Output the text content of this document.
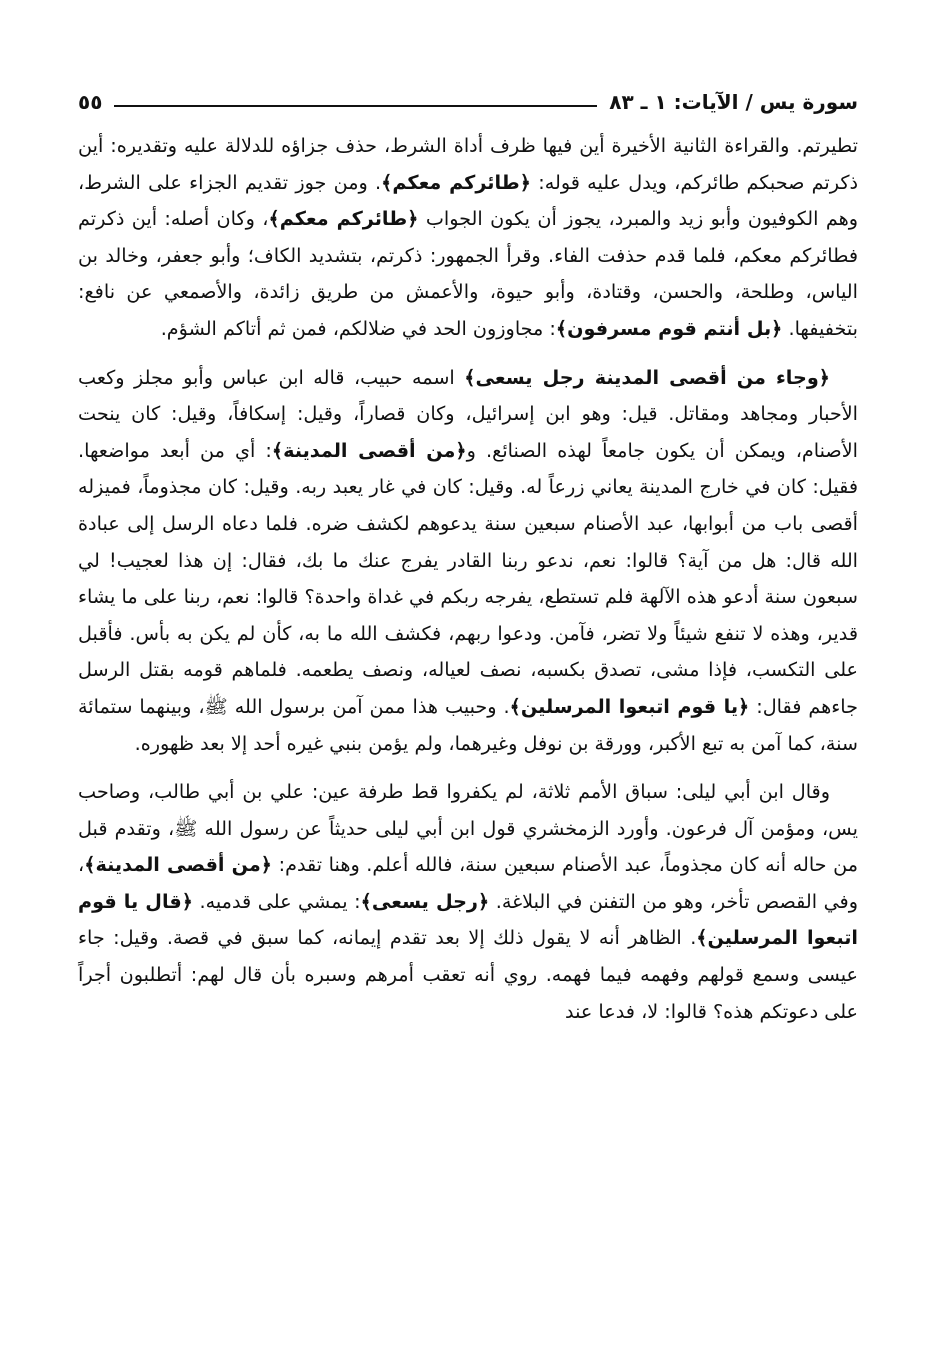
سورة يس / الآيات: ١ ـ ٨٣
٥٥

تطيرتم. والقراءة الثانية الأخيرة أين فيها ظرف أداة الشرط، حذف جزاؤه للدلالة عليه وتقديره: أين ذكرتم صحبكم طائركم، ويدل عليه قوله: ﴿طائركم معكم﴾. ومن جوز تقديم الجزاء على الشرط، وهم الكوفيون وأبو زيد والمبرد، يجوز أن يكون الجواب ﴿طائركم معكم﴾، وكان أصله: أين ذكرتم فطائركم معكم، فلما قدم حذفت الفاء. وقرأ الجمهور: ذكرتم، بتشديد الكاف؛ وأبو جعفر، وخالد بن الياس، وطلحة، والحسن، وقتادة، وأبو حيوة، والأعمش من طريق زائدة، والأصمعي عن نافع: بتخفيفها. ﴿بل أنتم قوم مسرفون﴾: مجاوزون الحد في ضلالكم، فمن ثم أتاكم الشؤم.

﴿وجاء من أقصى المدينة رجل يسعى﴾ اسمه حبيب، قاله ابن عباس وأبو مجلز وكعب الأحبار ومجاهد ومقاتل. قيل: وهو ابن إسرائيل، وكان قصاراً، وقيل: إسكافاً، وقيل: كان ينحت الأصنام، ويمكن أن يكون جامعاً لهذه الصنائع. و﴿من أقصى المدينة﴾: أي من أبعد مواضعها. فقيل: كان في خارج المدينة يعاني زرعاً له. وقيل: كان في غار يعبد ربه. وقيل: كان مجذوماً، فميزله أقصى باب من أبوابها، عبد الأصنام سبعين سنة يدعوهم لكشف ضره. فلما دعاه الرسل إلى عبادة الله قال: هل من آية؟ قالوا: نعم، ندعو ربنا القادر يفرج عنك ما بك، فقال: إن هذا لعجيب! لي سبعون سنة أدعو هذه الآلهة فلم تستطع، يفرجه ربكم في غداة واحدة؟ قالوا: نعم، ربنا على ما يشاء قدير، وهذه لا تنفع شيئاً ولا تضر، فآمن. ودعوا ربهم، فكشف الله ما به، كأن لم يكن به بأس. فأقبل على التكسب، فإذا مشى، تصدق بكسبه، نصف لعياله، ونصف يطعمه. فلماهم قومه بقتل الرسل جاءهم فقال: ﴿يا قوم اتبعوا المرسلين﴾. وحبيب هذا ممن آمن برسول الله ﷺ، وبينهما ستمائة سنة، كما آمن به تبع الأكبر، وورقة بن نوفل وغيرهما، ولم يؤمن بنبي غيره أحد إلا بعد ظهوره.

وقال ابن أبي ليلى: سباق الأمم ثلاثة، لم يكفروا قط طرفة عين: علي بن أبي طالب، وصاحب يس، ومؤمن آل فرعون. وأورد الزمخشري قول ابن أبي ليلى حديثاً عن رسول الله ﷺ، وتقدم قبل من حاله أنه كان مجذوماً، عبد الأصنام سبعين سنة، فالله أعلم. وهنا تقدم: ﴿من أقصى المدينة﴾، وفي القصص تأخر، وهو من التفنن في البلاغة. ﴿رجل يسعى﴾: يمشي على قدميه. ﴿قال يا قوم اتبعوا المرسلين﴾. الظاهر أنه لا يقول ذلك إلا بعد تقدم إيمانه، كما سبق في قصة. وقيل: جاء عيسى وسمع قولهم وفهمه فيما فهمه. روي أنه تعقب أمرهم وسبره بأن قال لهم: أتطلبون أجراً على دعوتكم هذه؟ قالوا: لا، فدعا عند
